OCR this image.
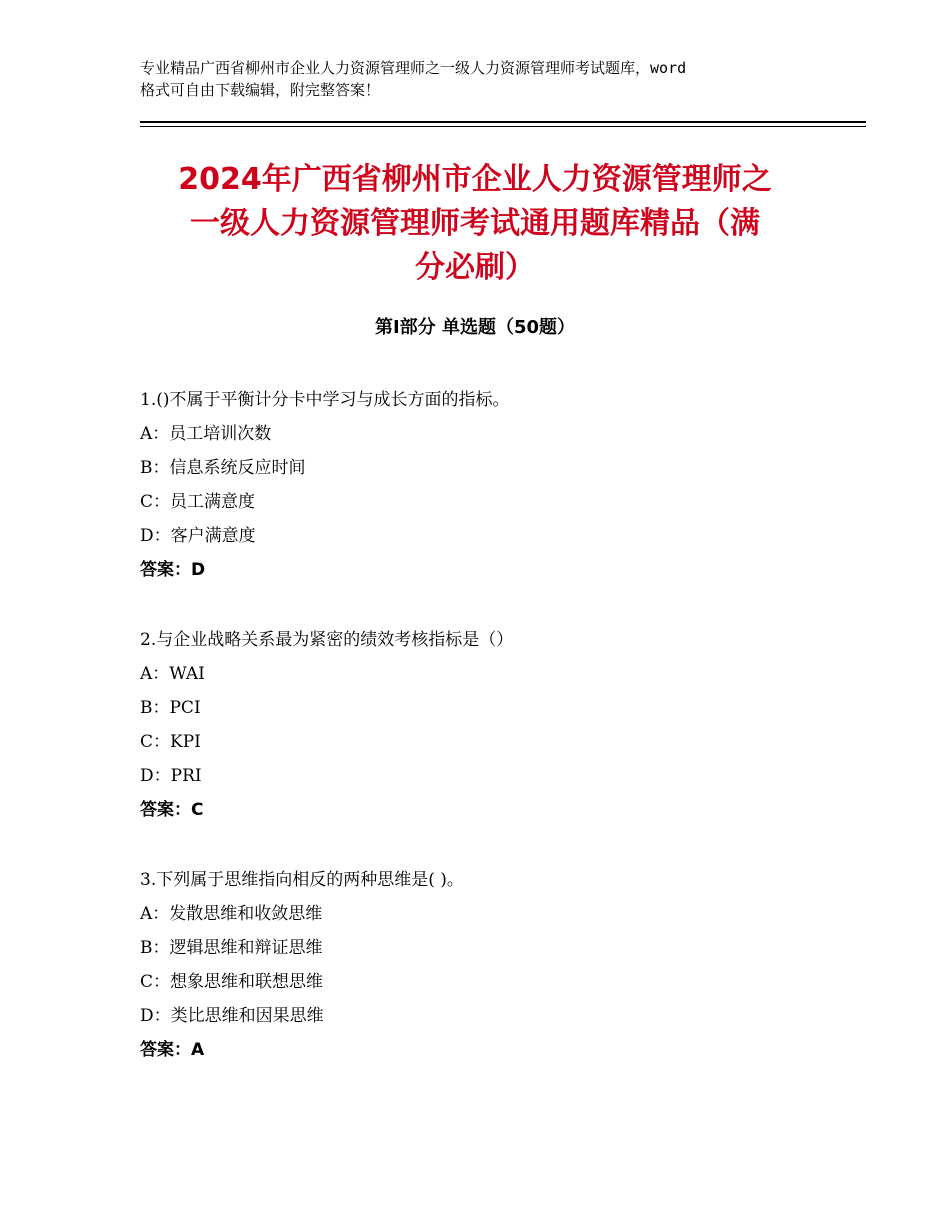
专业精品广西省柳州市企业人力资源管理师之一级人力资源管理师考试题库，word
格式可自由下载编辑，附完整答案！
2024年广西省柳州市企业人力资源管理师之
一级人力资源管理师考试通用题库精品（满
分必刷）
第Ⅰ部分 单选题（50题）
1.()不属于平衡计分卡中学习与成长方面的指标。
A：员工培训次数
B：信息系统反应时间
C：员工满意度
D：客户满意度
答案：D
2.与企业战略关系最为紧密的绩效考核指标是（）
A：WAI
B：PCI
C：KPI
D：PRI
答案：C
3.下列属于思维指向相反的两种思维是( )。
A：发散思维和收敛思维
B：逻辑思维和辩证思维
C：想象思维和联想思维
D：类比思维和因果思维
答案：A
